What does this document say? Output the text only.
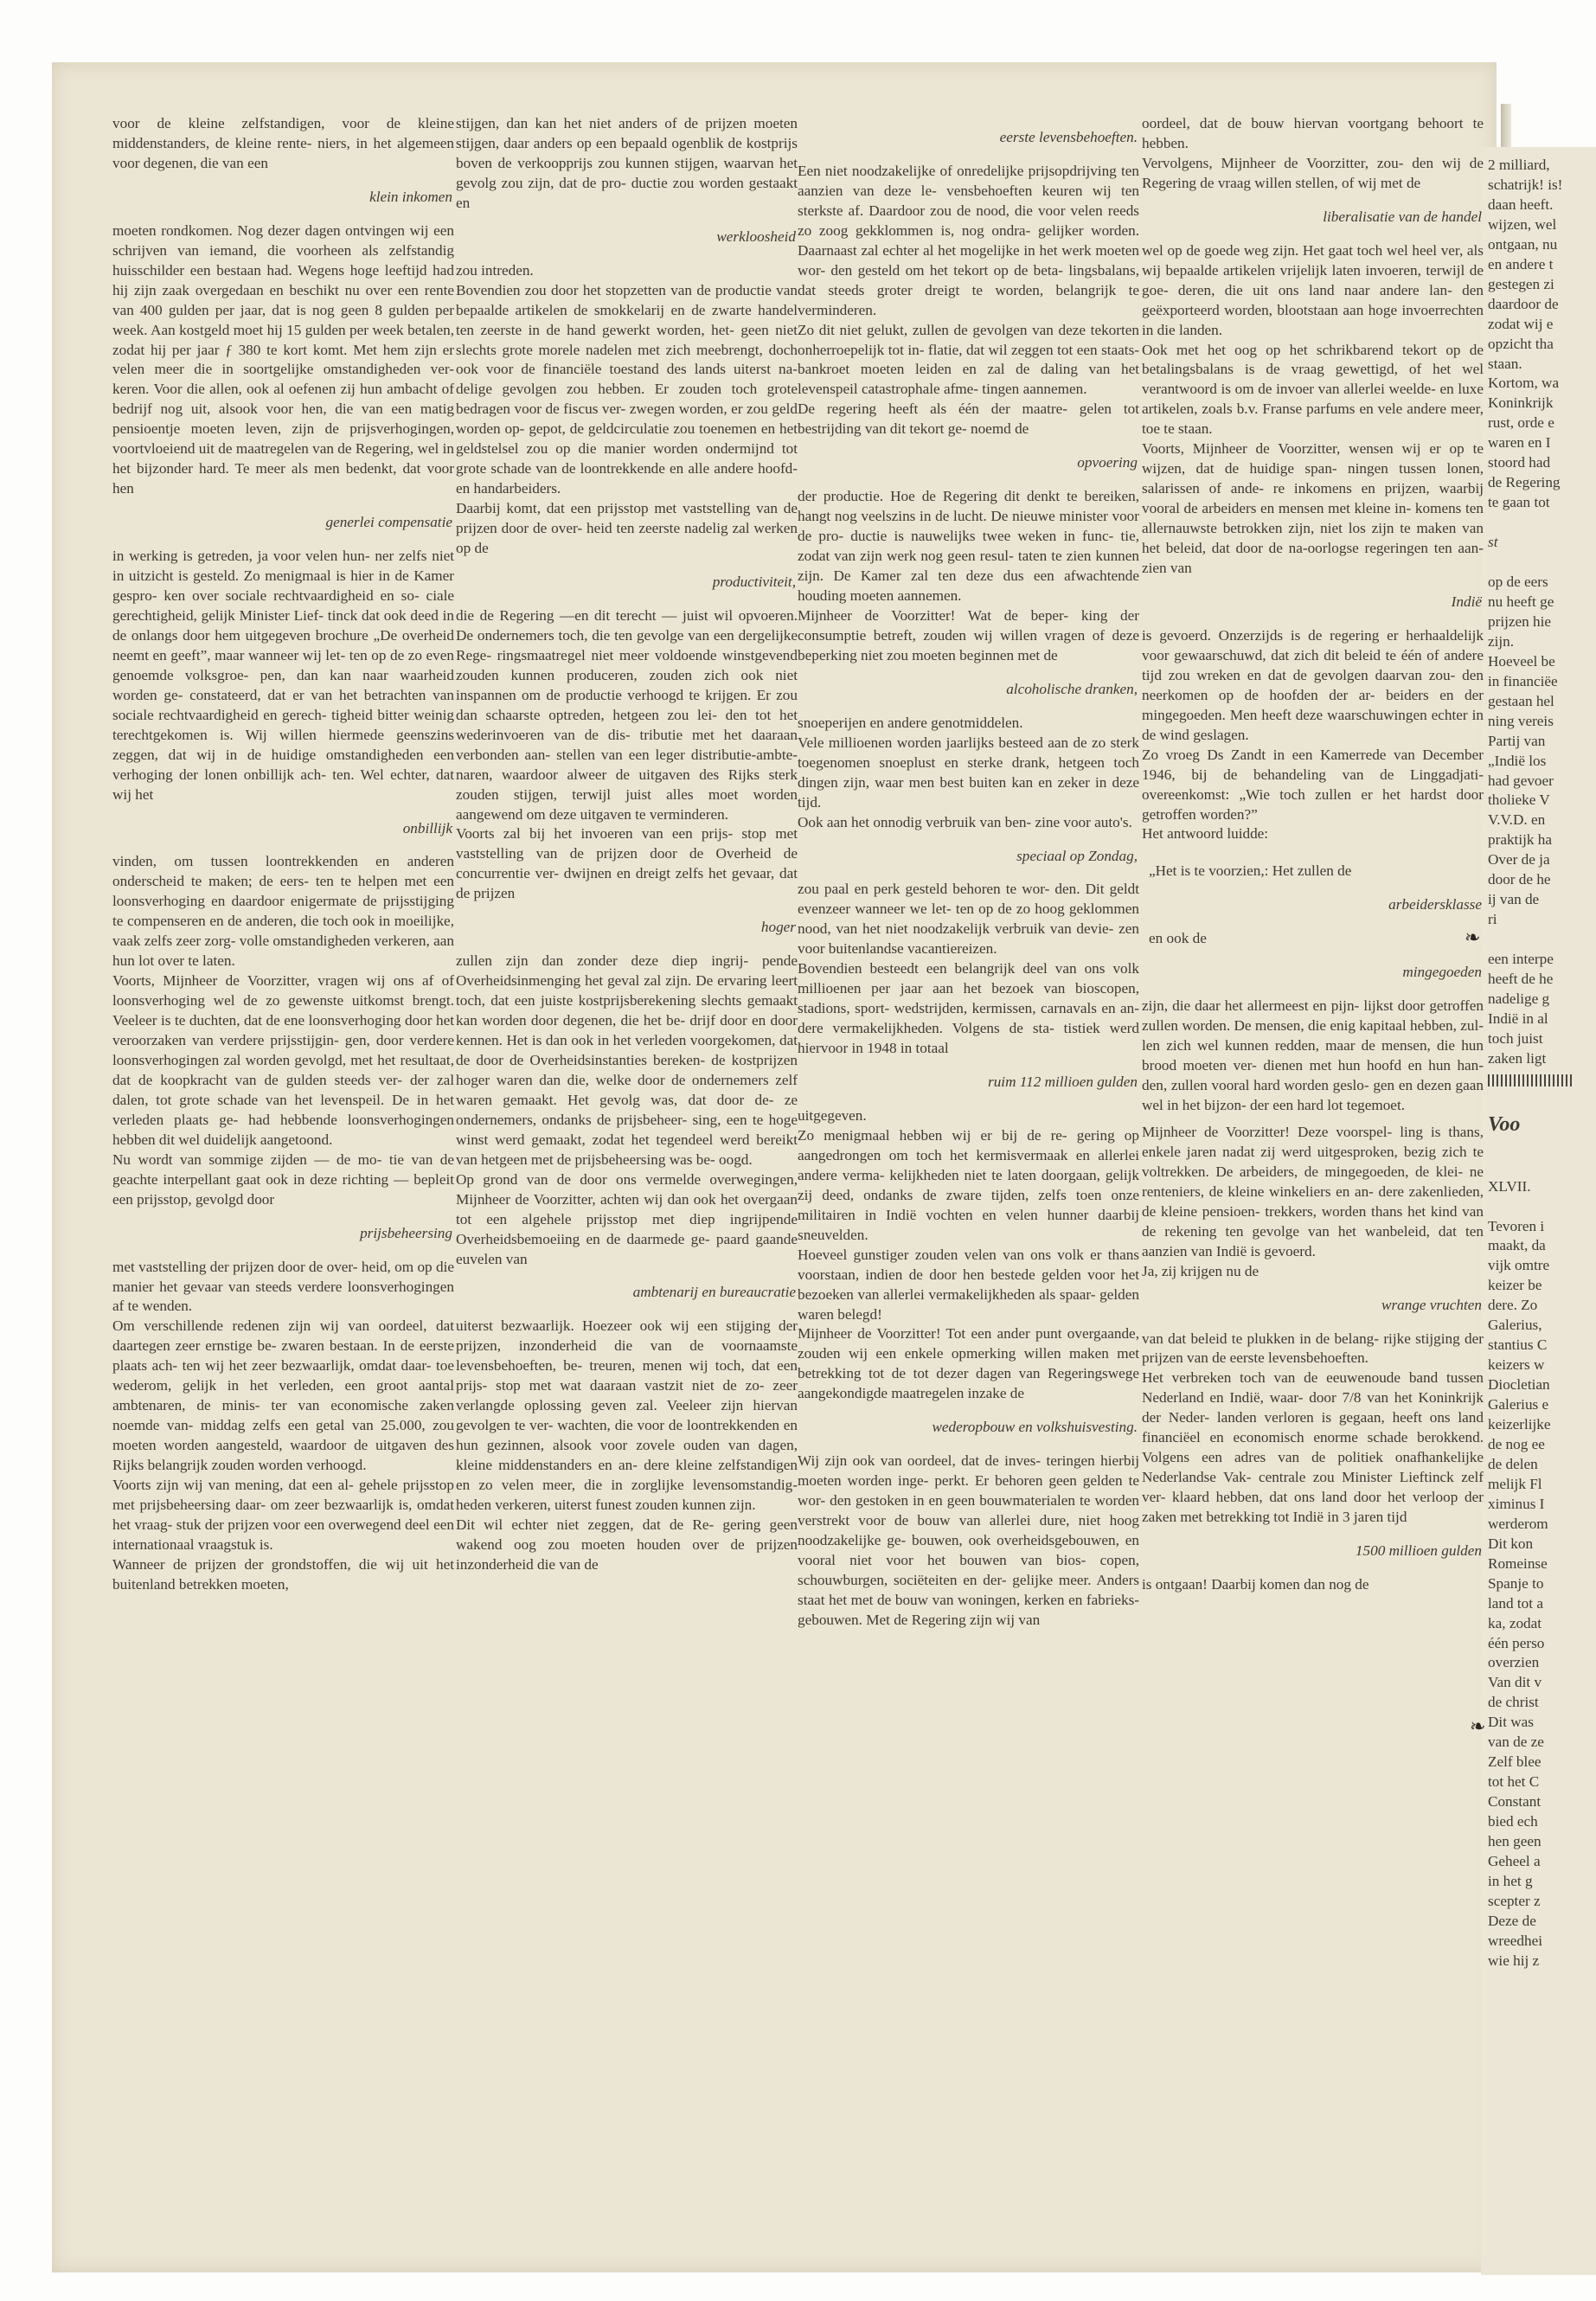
2 milliard,
schatrijk! is!
daan heeft.
wijzen, wel
ontgaan, nu
en andere t
gestegen zi
daardoor de
zodat wij e
opzicht tha
staan.
Kortom, wa
Koninkrijk
rust, orde e
waren en I
stoord had
de Regering
te gaan tot
st
op de eers
nu heeft ge
prijzen hie
zijn.
Hoeveel be
in financiëe
gestaan hel
ning vereis
Partij van
„Indië los
had gevoer
tholieke V
V.V.D. en
praktijk ha
Over de ja
door de he
ij van de
ri
een interpe
heeft de he
nadelige g
Indië in al
toch juist
zaken ligt
Voo
XLVII.
Tevoren i
maakt, da
vijk omtre
keizer be
dere. Zo
Galerius,
stantius C
keizers w
Diocletian
Galerius e
keizerlijke
de nog ee
de delen
melijk Fl
ximinus I
werderom
Dit kon
Romeinse
Spanje to
land tot a
ka, zodat
één perso
overzien
Van dit v
de christ
Dit was
van de ze
Zelf blee
tot het C
Constant
bied ech
hen geen
Geheel a
in het g
scepter z
Deze de
wreedhei
wie hij z

voor de kleine zelfstandigen, voor de kleine middenstanders, de kleine rente- niers, in het algemeen voor degenen, die van een

klein inkomen

moeten rondkomen. Nog dezer dagen ontvingen wij een schrijven van iemand, die voorheen als zelfstandig huisschilder een bestaan had. Wegens hoge leeftijd had hij zijn zaak overgedaan en beschikt nu over een rente van 400 gulden per jaar, dat is nog geen 8 gulden per week. Aan kostgeld moet hij 15 gulden per week betalen, zodat hij per jaar ƒ 380 te kort komt. Met hem zijn er velen meer die in soortgelijke omstandigheden ver- keren. Voor die allen, ook al oefenen zij hun ambacht of bedrijf nog uit, alsook voor hen, die van een matig pensioentje moeten leven, zijn de prijsverhogingen, voortvloeiend uit de maatregelen van de Regering, wel in het bijzonder hard. Te meer als men bedenkt, dat voor hen

generlei compensatie

in werking is getreden, ja voor velen hun- ner zelfs niet in uitzicht is gesteld. Zo menigmaal is hier in de Kamer gespro- ken over sociale rechtvaardigheid en so- ciale gerechtigheid, gelijk Minister Lief- tinck dat ook deed in de onlangs door hem uitgegeven brochure „De overheid neemt en geeft”, maar wanneer wij let- ten op de zo even genoemde volksgroe- pen, dan kan naar waarheid worden ge- constateerd, dat er van het betrachten van sociale rechtvaardigheid en gerech- tigheid bitter weinig terechtgekomen is. Wij willen hiermede geenszins zeggen, dat wij in de huidige omstandigheden een verhoging der lonen onbillijk ach- ten. Wel echter, dat wij het

onbillijk

vinden, om tussen loontrekkenden en anderen onderscheid te maken; de eers- ten te helpen met een loonsverhoging en daardoor enigermate de prijsstijging te compenseren en de anderen, die toch ook in moeilijke, vaak zelfs zeer zorg- volle omstandigheden verkeren, aan hun lot over te laten.

Voorts, Mijnheer de Voorzitter, vragen wij ons af of loonsverhoging wel de zo gewenste uitkomst brengt. Veeleer is te duchten, dat de ene loonsverhoging door het veroorzaken van verdere prijsstijgin- gen, door verdere loonsverhogingen zal worden gevolgd, met het resultaat, dat de koopkracht van de gulden steeds ver- der zal dalen, tot grote schade van het levenspeil. De in het verleden plaats ge- had hebbende loonsverhogingen hebben dit wel duidelijk aangetoond.

Nu wordt van sommige zijden — de mo- tie van de geachte interpellant gaat ook in deze richting — bepleit een prijsstop, gevolgd door

prijsbeheersing

met vaststelling der prijzen door de over- heid, om op die manier het gevaar van steeds verdere loonsverhogingen af te wenden.

Om verschillende redenen zijn wij van oordeel, dat daartegen zeer ernstige be- zwaren bestaan. In de eerste plaats ach- ten wij het zeer bezwaarlijk, omdat daar- toe wederom, gelijk in het verleden, een groot aantal ambtenaren, de minis- ter van economische zaken noemde van- middag zelfs een getal van 25.000, zou moeten worden aangesteld, waardoor de uitgaven des Rijks belangrijk zouden worden verhoogd.

Voorts zijn wij van mening, dat een al- gehele prijsstop met prijsbeheersing daar- om zeer bezwaarlijk is, omdat het vraag- stuk der prijzen voor een overwegend deel een internationaal vraagstuk is.

Wanneer de prijzen der grondstoffen, die wij uit het buitenland betrekken moeten,

stijgen, dan kan het niet anders of de prijzen moeten stijgen, daar anders op een bepaald ogenblik de kostprijs boven de verkoopprijs zou kunnen stijgen, waarvan het gevolg zou zijn, dat de pro- ductie zou worden gestaakt en

werkloosheid

zou intreden.

Bovendien zou door het stopzetten van de productie van bepaalde artikelen de smokkelarij en de zwarte handel ten zeerste in de hand gewerkt worden, het- geen niet slechts grote morele nadelen met zich meebrengt, doch ook voor de financiële toestand des lands uiterst na- delige gevolgen zou hebben. Er zouden toch grote bedragen voor de fiscus ver- zwegen worden, er zou geld worden op- gepot, de geldcirculatie zou toenemen en het geldstelsel zou op die manier worden ondermijnd tot grote schade van de loontrekkende en alle andere hoofd- en handarbeiders.

Daarbij komt, dat een prijsstop met vaststelling van de prijzen door de over- heid ten zeerste nadelig zal werken op de

productiviteit,

die de Regering —en dit terecht — juist wil opvoeren. De ondernemers toch, die ten gevolge van een dergelijke Rege- ringsmaatregel niet meer voldoende winstgevend zouden kunnen produceren, zouden zich ook niet inspannen om de productie verhoogd te krijgen. Er zou dan schaarste optreden, hetgeen zou lei- den tot het wederinvoeren van de dis- tributie met het daaraan verbonden aan- stellen van een leger distributie-ambte- naren, waardoor alweer de uitgaven des Rijks sterk zouden stijgen, terwijl juist alles moet worden aangewend om deze uitgaven te verminderen.

Voorts zal bij het invoeren van een prijs- stop met vaststelling van de prijzen door de Overheid de concurrentie ver- dwijnen en dreigt zelfs het gevaar, dat de prijzen

hoger

zullen zijn dan zonder deze diep ingrij- pende Overheidsinmenging het geval zal zijn. De ervaring leert toch, dat een juiste kostprijsberekening slechts gemaakt kan worden door degenen, die het be- drijf door en door kennen. Het is dan ook in het verleden voorgekomen, dat de door de Overheidsinstanties bereken- de kostprijzen hoger waren dan die, welke door de ondernemers zelf waren gemaakt. Het gevolg was, dat door de- ze ondernemers, ondanks de prijsbeheer- sing, een te hoge winst werd gemaakt, zodat het tegendeel werd bereikt van hetgeen met de prijsbeheersing was be- oogd.

Op grond van de door ons vermelde overwegingen, Mijnheer de Voorzitter, achten wij dan ook het overgaan tot een algehele prijsstop met diep ingrijpende Overheidsbemoeiing en de daarmede ge- paard gaande euvelen van

ambtenarij en bureaucratie

uiterst bezwaarlijk. Hoezeer ook wij een stijging der prijzen, inzonderheid die van de voornaamste levensbehoeften, be- treuren, menen wij toch, dat een prijs- stop met wat daaraan vastzit niet de zo- zeer verlangde oplossing geven zal. Veeleer zijn hiervan gevolgen te ver- wachten, die voor de loontrekkenden en hun gezinnen, alsook voor zovele ouden van dagen, kleine middenstanders en an- dere kleine zelfstandigen en zo velen meer, die in zorglijke levensomstandig- heden verkeren, uiterst funest zouden kunnen zijn.

Dit wil echter niet zeggen, dat de Re- gering geen wakend oog zou moeten houden over de prijzen inzonderheid die van de

eerste levensbehoeften.

Een niet noodzakelijke of onredelijke prijsopdrijving ten aanzien van deze le- vensbehoeften keuren wij ten sterkste af. Daardoor zou de nood, die voor velen reeds zo zoog gekklommen is, nog ondra- gelijker worden. Daarnaast zal echter al het mogelijke in het werk moeten wor- den gesteld om het tekort op de beta- lingsbalans, dat steeds groter dreigt te worden, belangrijk te verminderen.

Zo dit niet gelukt, zullen de gevolgen van deze tekorten onherroepelijk tot in- flatie, dat wil zeggen tot een staats- bankroet moeten leiden en zal de daling van het levenspeil catastrophale afme- tingen aannemen.

De regering heeft als één der maatre- gelen tot bestrijding van dit tekort ge- noemd de

opvoering

der productie. Hoe de Regering dit denkt te bereiken, hangt nog veelszins in de lucht. De nieuwe minister voor de pro- ductie is nauwelijks twee weken in func- tie, zodat van zijn werk nog geen resul- taten te zien kunnen zijn. De Kamer zal ten deze dus een afwachtende houding moeten aannemen.

Mijnheer de Voorzitter! Wat de beper- king der consumptie betreft, zouden wij willen vragen of deze beperking niet zou moeten beginnen met de

alcoholische dranken,

snoeperijen en andere genotmiddelen.

Vele millioenen worden jaarlijks besteed aan de zo sterk toegenomen snoeplust en sterke drank, hetgeen toch dingen zijn, waar men best buiten kan en zeker in deze tijd.

Ook aan het onnodig verbruik van ben- zine voor auto's.

speciaal op Zondag,

zou paal en perk gesteld behoren te wor- den. Dit geldt evenzeer wanneer we let- ten op de zo hoog geklommen nood, van het niet noodzakelijk verbruik van devie- zen voor buitenlandse vacantiereizen.

Bovendien besteedt een belangrijk deel van ons volk millioenen per jaar aan het bezoek van bioscopen, stadions, sport- wedstrijden, kermissen, carnavals en an- dere vermakelijkheden. Volgens de sta- tistiek werd hiervoor in 1948 in totaal

ruim 112 millioen gulden

uitgegeven.

Zo menigmaal hebben wij er bij de re- gering op aangedrongen om toch het kermisvermaak en allerlei andere verma- kelijkheden niet te laten doorgaan, gelijk zij deed, ondanks de zware tijden, zelfs toen onze militairen in Indië vochten en velen hunner daarbij sneuvelden.

Hoeveel gunstiger zouden velen van ons volk er thans voorstaan, indien de door hen bestede gelden voor het bezoeken van allerlei vermakelijkheden als spaar- gelden waren belegd!

Mijnheer de Voorzitter! Tot een ander punt overgaande, zouden wij een enkele opmerking willen maken met betrekking tot de tot dezer dagen van Regeringswege aangekondigde maatregelen inzake de

wederopbouw en volkshuisvesting.

Wij zijn ook van oordeel, dat de inves- teringen hierbij moeten worden inge- perkt. Er behoren geen gelden te wor- den gestoken in en geen bouwmaterialen te worden verstrekt voor de bouw van allerlei dure, niet hoog noodzakelijke ge- bouwen, ook overheidsgebouwen, en vooral niet voor het bouwen van bios- copen, schouwburgen, sociëteiten en der- gelijke meer. Anders staat het met de bouw van woningen, kerken en fabrieks- gebouwen. Met de Regering zijn wij van

oordeel, dat de bouw hiervan voortgang behoort te hebben.

Vervolgens, Mijnheer de Voorzitter, zou- den wij de Regering de vraag willen stellen, of wij met de

liberalisatie van de handel

wel op de goede weg zijn. Het gaat toch wel heel ver, als wij bepaalde artikelen vrijelijk laten invoeren, terwijl de goe- deren, die uit ons land naar andere lan- den geëxporteerd worden, blootstaan aan hoge invoerrechten in die landen.

Ook met het oog op het schrikbarend tekort op de betalingsbalans is de vraag gewettigd, of het wel verantwoord is om de invoer van allerlei weelde- en luxe artikelen, zoals b.v. Franse parfums en vele andere meer, toe te staan.

Voorts, Mijnheer de Voorzitter, wensen wij er op te wijzen, dat de huidige span- ningen tussen lonen, salarissen of ande- re inkomens en prijzen, waarbij vooral de arbeiders en mensen met kleine in- komens ten allernauwste betrokken zijn, niet los zijn te maken van het beleid, dat door de na-oorlogse regeringen ten aan- zien van

Indië

is gevoerd. Onzerzijds is de regering er herhaaldelijk voor gewaarschuwd, dat zich dit beleid te één of andere tijd zou wreken en dat de gevolgen daarvan zou- den neerkomen op de hoofden der ar- beiders en der mingegoeden. Men heeft deze waarschuwingen echter in de wind geslagen.

Zo vroeg Ds Zandt in een Kamerrede van December 1946, bij de behandeling van de Linggadjati-overeenkomst: „Wie toch zullen er het hardst door getroffen worden?”

Het antwoord luidde:

„Het is te voorzien,: Het zullen de
arbeidersklasse
en ook de
mingegoeden

zijn, die daar het allermeest en pijn- lijkst door getroffen zullen worden. De mensen, die enig kapitaal hebben, zul- len zich wel kunnen redden, maar de mensen, die hun brood moeten ver- dienen met hun hoofd en hun han- den, zullen vooral hard worden geslo- gen en dezen gaan wel in het bijzon- der een hard lot tegemoet.

Mijnheer de Voorzitter! Deze voorspel- ling is thans, enkele jaren nadat zij werd uitgesproken, bezig zich te voltrekken. De arbeiders, de mingegoeden, de klei- ne renteniers, de kleine winkeliers en an- dere zakenlieden, de kleine pensioen- trekkers, worden thans het kind van de rekening ten gevolge van het wanbeleid, dat ten aanzien van Indië is gevoerd.

Ja, zij krijgen nu de

wrange vruchten

van dat beleid te plukken in de belang- rijke stijging der prijzen van de eerste levensbehoeften.

Het verbreken toch van de eeuwenoude band tussen Nederland en Indië, waar- door 7/8 van het Koninkrijk der Neder- landen verloren is gegaan, heeft ons land financiëel en economisch enorme schade berokkend. Volgens een adres van de politiek onafhankelijke Nederlandse Vak- centrale zou Minister Lieftinck zelf ver- klaard hebben, dat ons land door het verloop der zaken met betrekking tot Indië in 3 jaren tijd

1500 millioen gulden

is ontgaan! Daarbij komen dan nog de

❧
❧
